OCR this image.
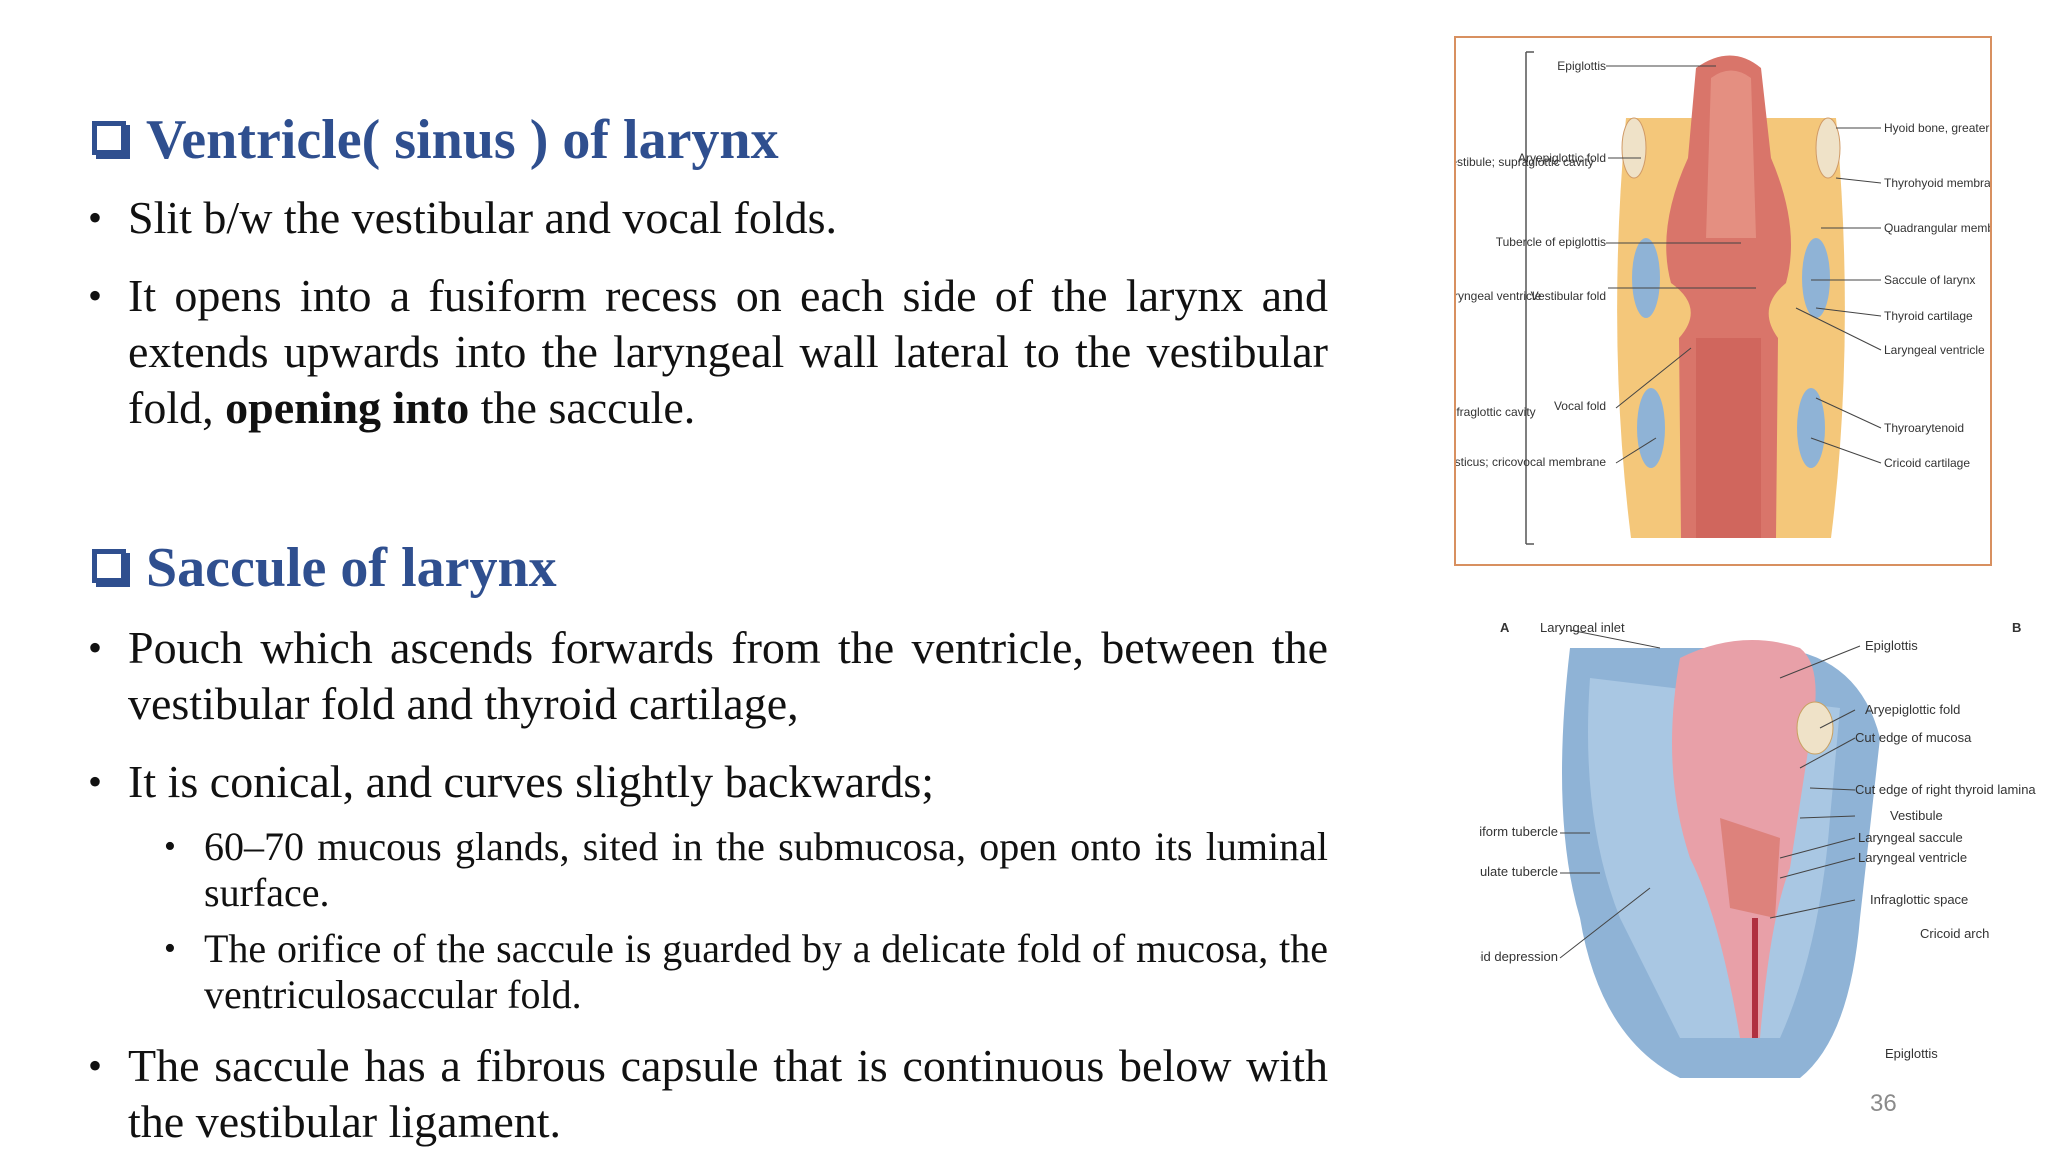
Ventricle( sinus ) of larynx
• Slit b/w the vestibular and vocal folds.
• It opens into a fusiform recess on each side of the larynx and extends upwards into the laryngeal wall lateral to the vestibular fold, opening into the saccule.
Saccule of larynx
• Pouch which ascends forwards from the ventricle, between the vestibular fold and thyroid cartilage,
• It is conical, and curves slightly backwards;
• 60–70 mucous glands, sited in the submucosa, open onto its luminal surface.
• The orifice of the saccule is guarded by a delicate fold of mucosa, the ventriculosaccular fold.
• The saccule has a fibrous capsule that is continuous below with the vestibular ligament.
stibule; supraglottic cavity
yngeal ventricle
fraglottic cavity
Epiglottis
Aryepiglottic fold
Tubercle of epiglottis
Vestibular fold
Vocal fold
sticus; cricovocal membrane
Hyoid bone, greater
Thyrohyoid membra
Quadrangular mem
Saccule of larynx
Thyroid cartilage
Laryngeal ventricle
Thyroarytenoid
Cricoid cartilage
A	B
Laryngeal inlet
Epiglottis
Aryepiglottic fold
Cut edge of mucosa
Cut edge of right thyroid lamina
Vestibule
Laryngeal saccule
Laryngeal ventricle
Infraglottic space
Cricoid arch
Epiglottis
iform tubercle
ulate tubercle
id depression
36
